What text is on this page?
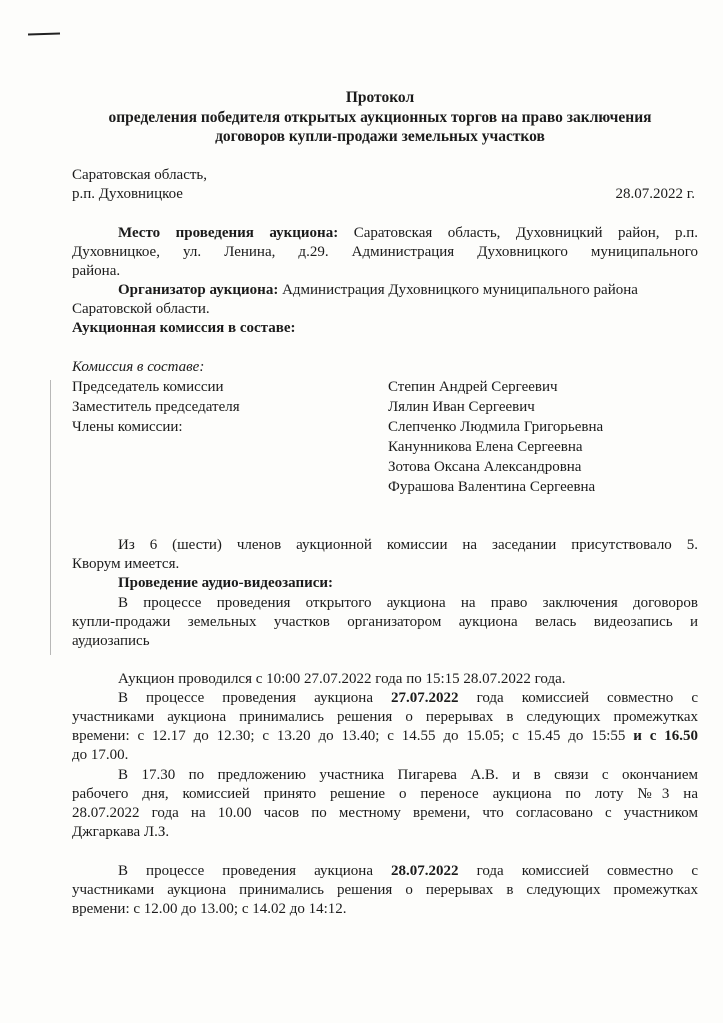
Протокол
определения победителя открытых аукционных торгов на право заключения
договоров купли-продажи земельных участков
Саратовская область,
р.п. Духовницкое	28.07.2022 г.
Место проведения аукциона: Саратовская область, Духовницкий район, р.п.
Духовницкое, ул. Ленина, д.29. Администрация Духовницкого муниципального
района.
Организатор аукциона: Администрация Духовницкого муниципального района
Саратовской области.
Аукционная комиссия в составе:
Комиссия в составе:
Председатель комиссии	Степин Андрей Сергеевич
Заместитель председателя	Лялин Иван Сергеевич
Члены комиссии:	Слепченко Людмила Григорьевна
Канунникова Елена Сергеевна
Зотова Оксана Александровна
Фурашова Валентина Сергеевна
Из 6 (шести) членов аукционной комиссии на заседании присутствовало 5.
Кворум имеется.
Проведение аудио-видеозаписи:
В процессе проведения открытого аукциона на право заключения договоров
купли-продажи земельных участков организатором аукциона велась видеозапись и
аудиозапись
Аукцион проводился с 10:00 27.07.2022 года по 15:15 28.07.2022 года.
В процессе проведения аукциона 27.07.2022 года комиссией совместно с
участниками аукциона принимались решения о перерывах в следующих промежутках
времени: с 12.17 до 12.30; с 13.20 до 13.40; с 14.55 до 15.05; с 15.45 до 15:55 и с 16.50
до 17.00.
В 17.30 по предложению участника Пигарева А.В. и в связи с окончанием
рабочего дня, комиссией принято решение о переносе аукциона по лоту №3 на
28.07.2022 года на 10.00 часов по местному времени, что согласовано с участником
Джгаркава Л.З.
В процессе проведения аукциона 28.07.2022 года комиссией совместно с
участниками аукциона принимались решения о перерывах в следующих промежутках
времени: с 12.00 до 13.00; с 14.02 до 14:12.
